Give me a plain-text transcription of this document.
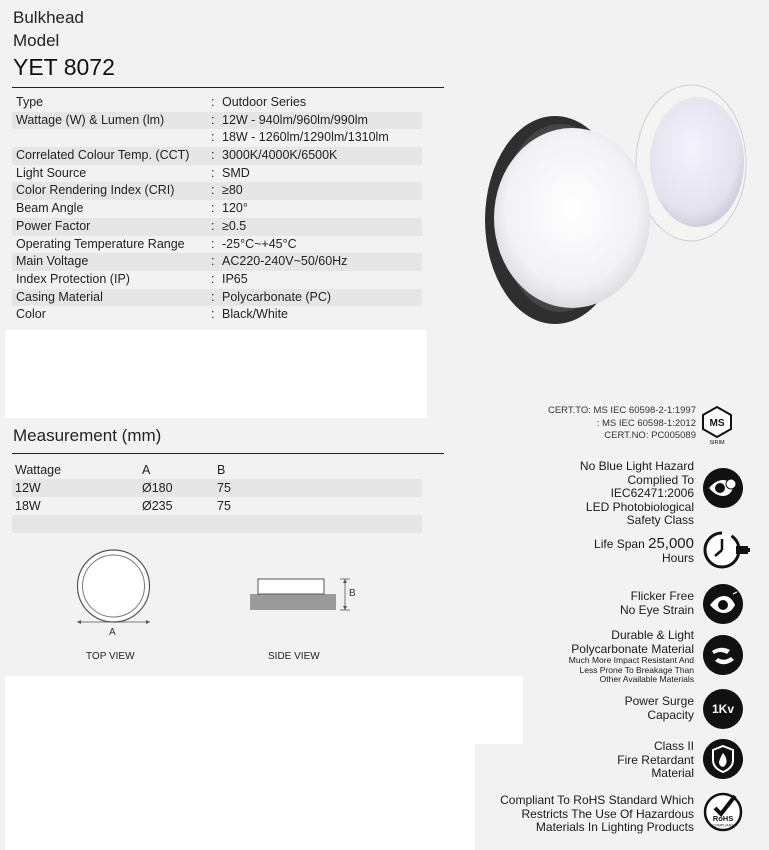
Bulkhead
Model
YET 8072
Type	: Outdoor Series
Wattage (W) & Lumen (lm)	: 12W - 940lm/960lm/990lm
: 18W - 1260lm/1290lm/1310lm
Correlated Colour Temp. (CCT) : 3000K/4000K/6500K
Light Source	: SMD
Color Rendering Index (CRI)	: ≥80
Beam Angle	: 120°
Power Factor	: ≥0.5
Operating Temperature Range : -25°C~+45°C
Main Voltage	: AC220-240V~50/60Hz
Index Protection (IP)	: IP65
Casing Material	: Polycarbonate (PC)
Color	: Black/White
Measurement (mm)
Wattage	A	B
12W	Ø180	75
18W	Ø235	75
A
B
TOP VIEW	SIDE VIEW
CERT.TO: MS IEC 60598-2-1:1997
: MS IEC 60598-1:2012
CERT.NO: PC005089
MS
SIRIM
No Blue Light Hazard
Complied To
IEC62471:2006
LED Photobiological
Safety Class
Life Span 25,000
Hours
Flicker Free
No Eye Strain
Durable & Light
Polycarbonate Material
Much More Impact Resistant And
Less Prone To Breakage Than
Other Available Materials
Power Surge
Capacity	1Kv
Class II
Fire Retardant
Material
Compliant To RoHS Standard Which
Restricts The Use Of Hazardous
Materials In Lighting Products
RoHS
COMPLIANT
